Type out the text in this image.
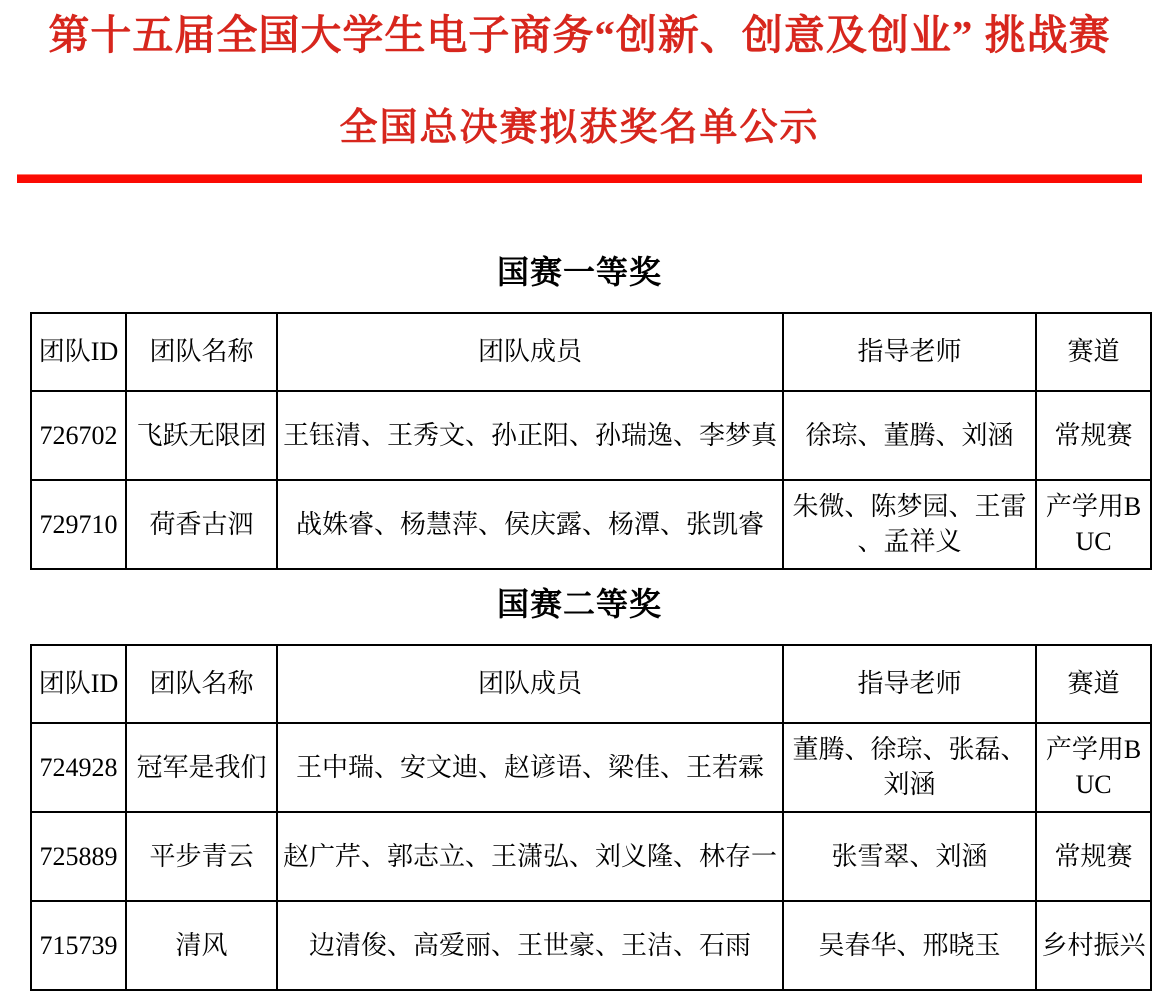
第十五届全国大学生电子商务“创新、创意及创业” 挑战赛
全国总决赛拟获奖名单公示
国赛一等奖
团队ID	团队名称	团队成员	指导老师	赛道
726702	飞跃无限团	王钰清、王秀文、孙正阳、孙瑞逸、李梦真	徐琮、董腾、刘涵	常规赛
729710	荷香古泗	战姝睿、杨慧萍、侯庆露、杨潭、张凯睿	朱微、陈梦园、王雷、孟祥义	产学用BUC
国赛二等奖
团队ID	团队名称	团队成员	指导老师	赛道
724928	冠军是我们	王中瑞、安文迪、赵谚语、梁佳、王若霖	董腾、徐琮、张磊、刘涵	产学用BUC
725889	平步青云	赵广芹、郭志立、王潇弘、刘义隆、林存一	张雪翠、刘涵	常规赛
715739	清风	边清俊、高爱丽、王世豪、王洁、石雨	吴春华、邢晓玉	乡村振兴
